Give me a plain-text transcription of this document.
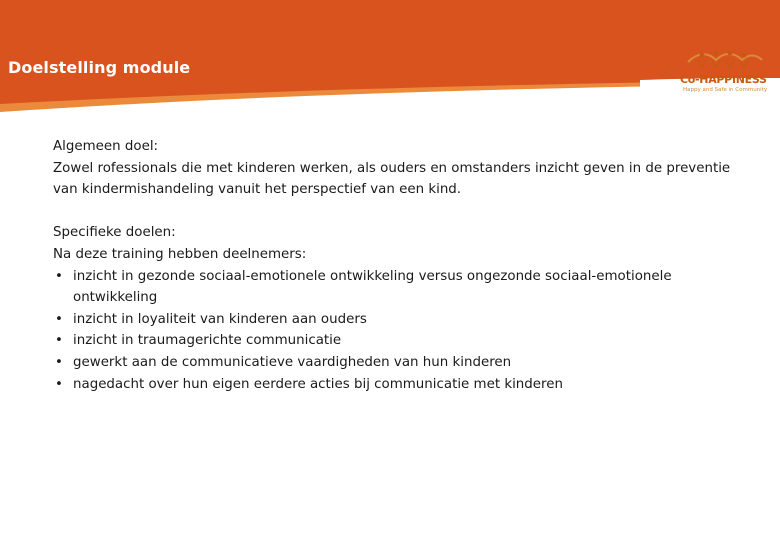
Doelstelling module
Co-HAPPINESS
Happy and Safe in Community

Algemeen doel:

Zowel rofessionals die met kinderen werken, als ouders en omstanders inzicht geven in de preventie van kindermishandeling vanuit het perspectief van een kind.

Specifieke doelen:

Na deze training hebben deelnemers:

• inzicht in gezonde sociaal-emotionele ontwikkeling versus ongezonde sociaal-emotionele ontwikkeling
• inzicht in loyaliteit van kinderen aan ouders
• inzicht in traumagerichte communicatie
• gewerkt aan de communicatieve vaardigheden van hun kinderen
• nagedacht over hun eigen eerdere acties bij communicatie met kinderen
